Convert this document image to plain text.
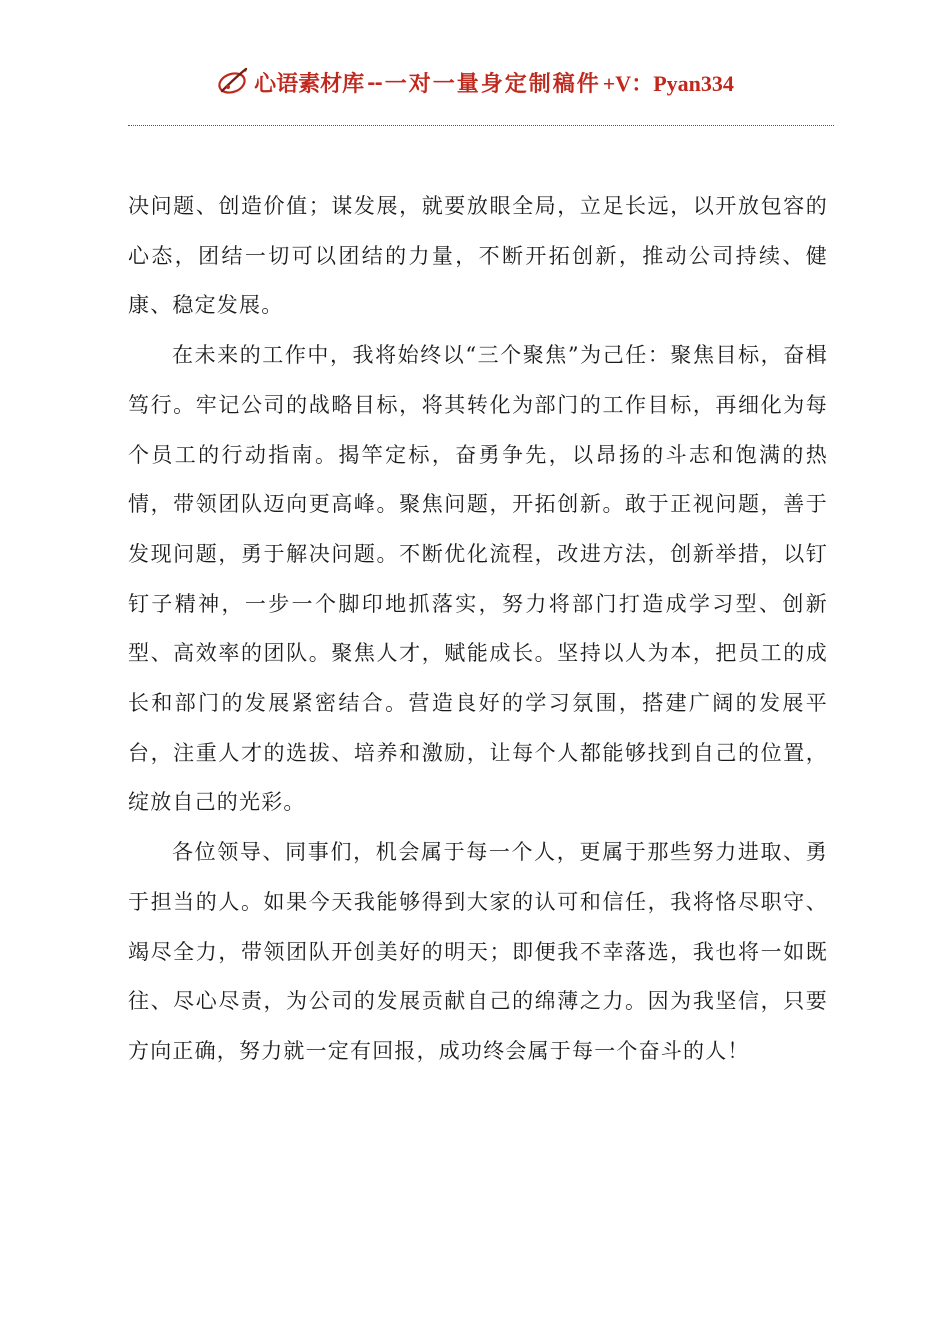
心语素材库 -- 一对一量身定制稿件 +V：Pyan334

决问题、创造价值；谋发展，就要放眼全局，立足长远，以开放包容的心态，团结一切可以团结的力量，不断开拓创新，推动公司持续、健康、稳定发展。

在未来的工作中，我将始终以“三个聚焦”为己任：聚焦目标，奋楫笃行。牢记公司的战略目标，将其转化为部门的工作目标，再细化为每个员工的行动指南。揭竿定标，奋勇争先，以昂扬的斗志和饱满的热情，带领团队迈向更高峰。聚焦问题，开拓创新。敢于正视问题，善于发现问题，勇于解决问题。不断优化流程，改进方法，创新举措，以钉钉子精神，一步一个脚印地抓落实，努力将部门打造成学习型、创新型、高效率的团队。聚焦人才，赋能成长。坚持以人为本，把员工的成长和部门的发展紧密结合。营造良好的学习氛围，搭建广阔的发展平台，注重人才的选拔、培养和激励，让每个人都能够找到自己的位置，绽放自己的光彩。

各位领导、同事们，机会属于每一个人，更属于那些努力进取、勇于担当的人。如果今天我能够得到大家的认可和信任，我将恪尽职守、竭尽全力，带领团队开创美好的明天；即便我不幸落选，我也将一如既往、尽心尽责，为公司的发展贡献自己的绵薄之力。因为我坚信，只要方向正确，努力就一定有回报，成功终会属于每一个奋斗的人！
